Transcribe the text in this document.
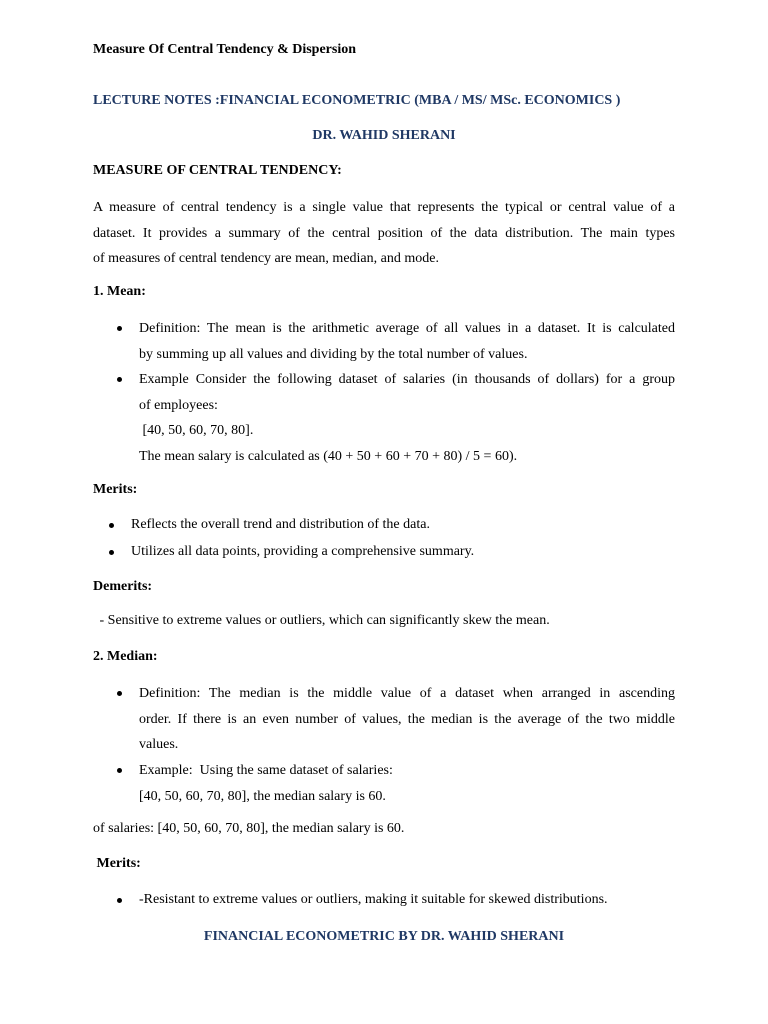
Measure Of Central Tendency & Dispersion
LECTURE NOTES :FINANCIAL ECONOMETRIC (MBA / MS/ MSc. ECONOMICS )
DR. WAHID SHERANI
MEASURE OF CENTRAL TENDENCY:
A measure of central tendency is a single value that represents the typical or central value of a
dataset. It provides a summary of the central position of the data distribution. The main types
of measures of central tendency are mean, median, and mode.
1. Mean:
Definition: The mean is the arithmetic average of all values in a dataset. It is calculated
by summing up all values and dividing by the total number of values.
Example Consider the following dataset of salaries (in thousands of dollars) for a group
of employees:
[40, 50, 60, 70, 80].
The mean salary is calculated as (40 + 50 + 60 + 70 + 80) / 5 = 60).
Merits:
Reflects the overall trend and distribution of the data.
Utilizes all data points, providing a comprehensive summary.
Demerits:
- Sensitive to extreme values or outliers, which can significantly skew the mean.
2. Median:
Definition: The median is the middle value of a dataset when arranged in ascending
order. If there is an even number of values, the median is the average of the two middle
values.
Example:  Using the same dataset of salaries:
[40, 50, 60, 70, 80], the median salary is 60.
of salaries: [40, 50, 60, 70, 80], the median salary is 60.
Merits:
-Resistant to extreme values or outliers, making it suitable for skewed distributions.
FINANCIAL ECONOMETRIC BY DR. WAHID SHERANI
